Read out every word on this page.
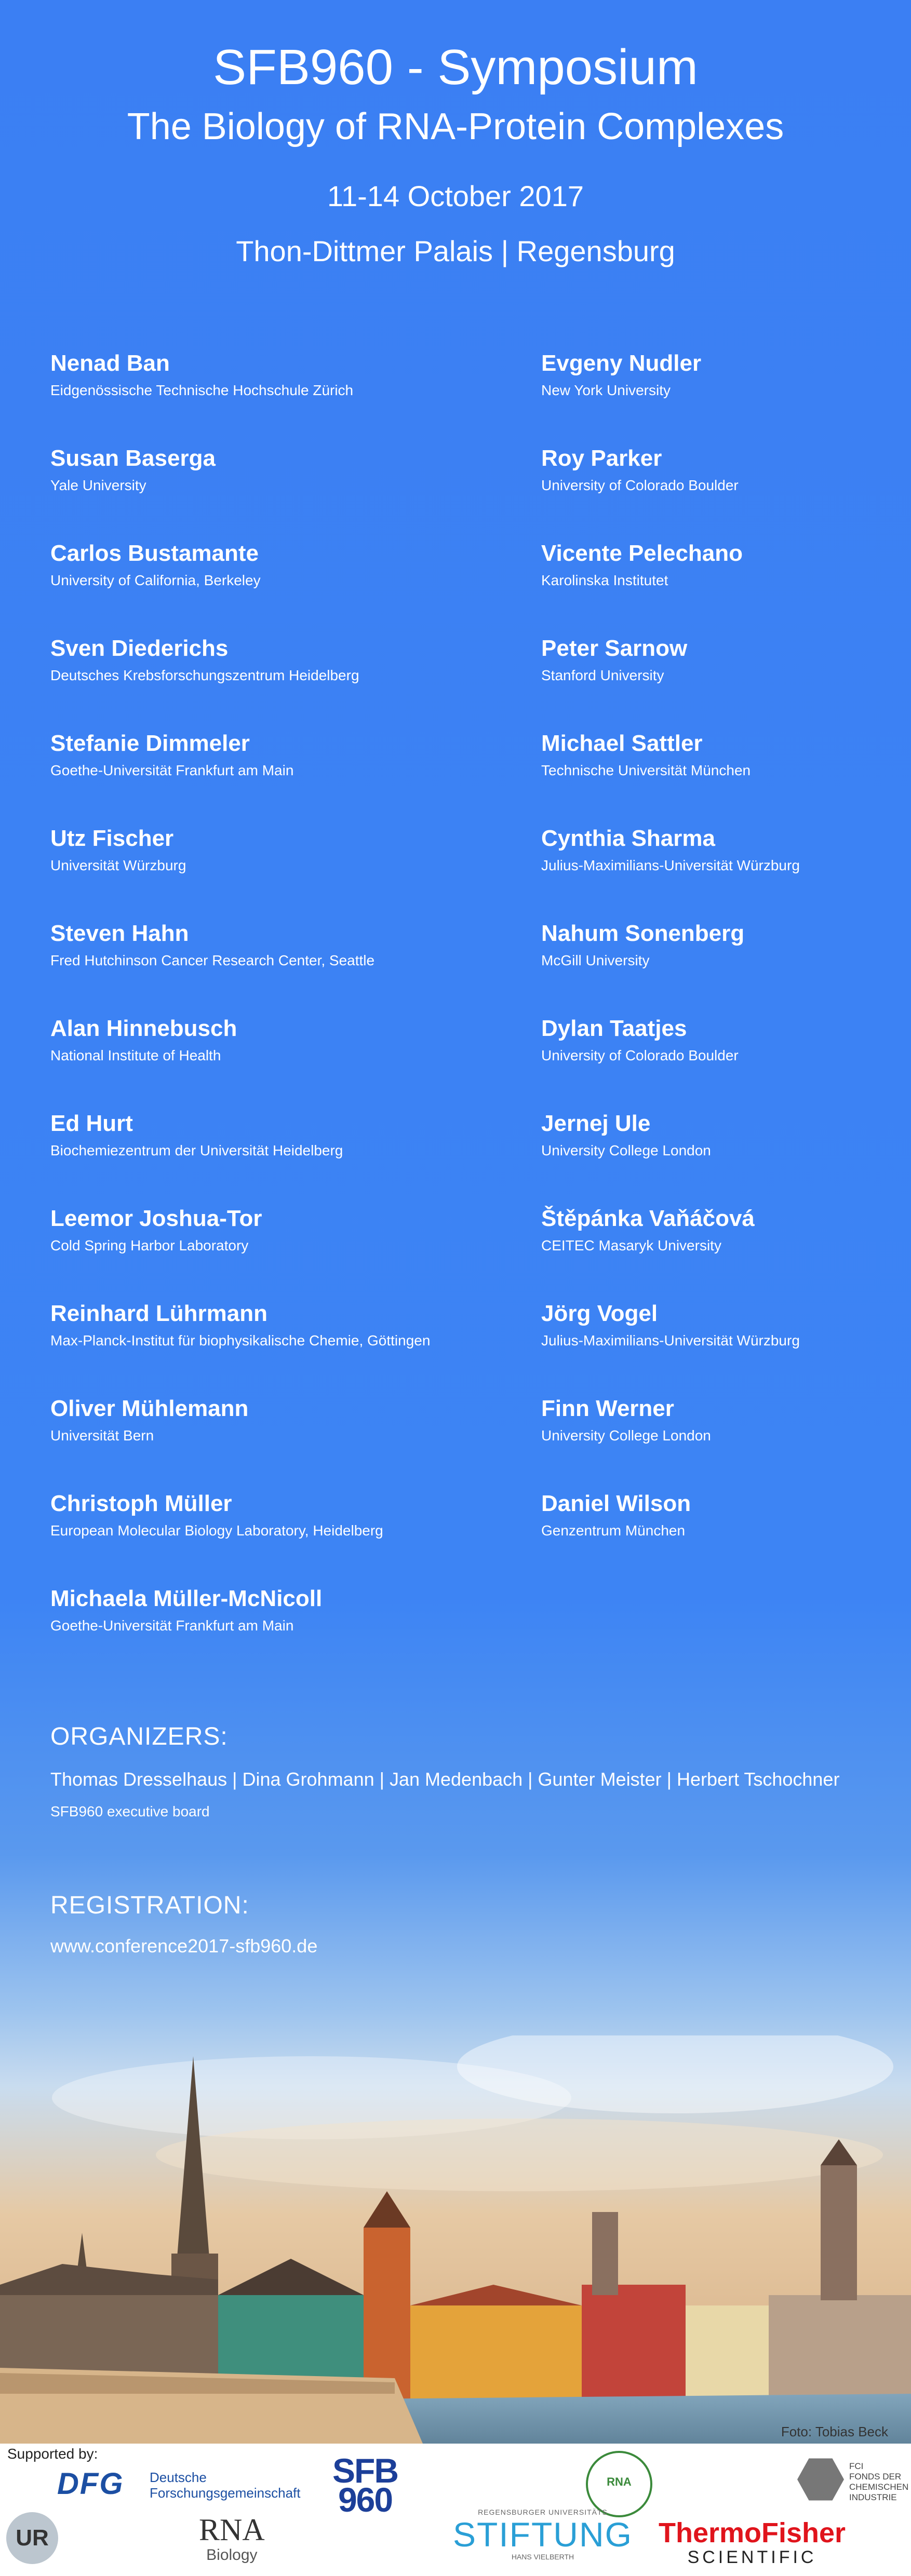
SFB960 - Symposium
The Biology of RNA-Protein Complexes
11-14 October 2017
Thon-Dittmer Palais | Regensburg
Nenad Ban
Eidgenössische Technische Hochschule Zürich
Susan Baserga
Yale University
Carlos Bustamante
University of California, Berkeley
Sven Diederichs
Deutsches Krebsforschungszentrum Heidelberg
Stefanie Dimmeler
Goethe-Universität Frankfurt am Main
Utz Fischer
Universität Würzburg
Steven Hahn
Fred Hutchinson Cancer Research Center, Seattle
Alan Hinnebusch
National Institute of Health
Ed Hurt
Biochemiezentrum der Universität Heidelberg
Leemor Joshua-Tor
Cold Spring Harbor Laboratory
Reinhard Lührmann
Max-Planck-Institut für biophysikalische Chemie, Göttingen
Oliver Mühlemann
Universität Bern
Christoph Müller
European Molecular Biology Laboratory, Heidelberg
Michaela Müller-McNicoll
Goethe-Universität Frankfurt am Main
Evgeny Nudler
New York University
Roy Parker
University of Colorado Boulder
Vicente Pelechano
Karolinska Institutet
Peter Sarnow
Stanford University
Michael Sattler
Technische Universität München
Cynthia Sharma
Julius-Maximilians-Universität Würzburg
Nahum Sonenberg
McGill University
Dylan Taatjes
University of Colorado Boulder
Jernej Ule
University College London
Štěpánka Vaňáčová
CEITEC Masaryk University
Jörg Vogel
Julius-Maximilians-Universität Würzburg
Finn Werner
University College London
Daniel Wilson
Genzentrum München
ORGANIZERS:
Thomas Dresselhaus | Dina Grohmann | Jan Medenbach | Gunter Meister | Herbert Tschochner
SFB960 executive board
REGISTRATION:
www.conference2017-sfb960.de
Foto: Tobias Beck
Supported by:
DFG Deutsche
Forschungsgemeinschaft
SFB
960	RNA
FCI
FONDS DER
CHEMISCHEN
INDUSTRIE
UR	RNA
Biology
REGENSBURGER UNIVERSITÄTS
STIFTUNG
HANS VIELBERTH
ThermoFisher
SCIENTIFIC
